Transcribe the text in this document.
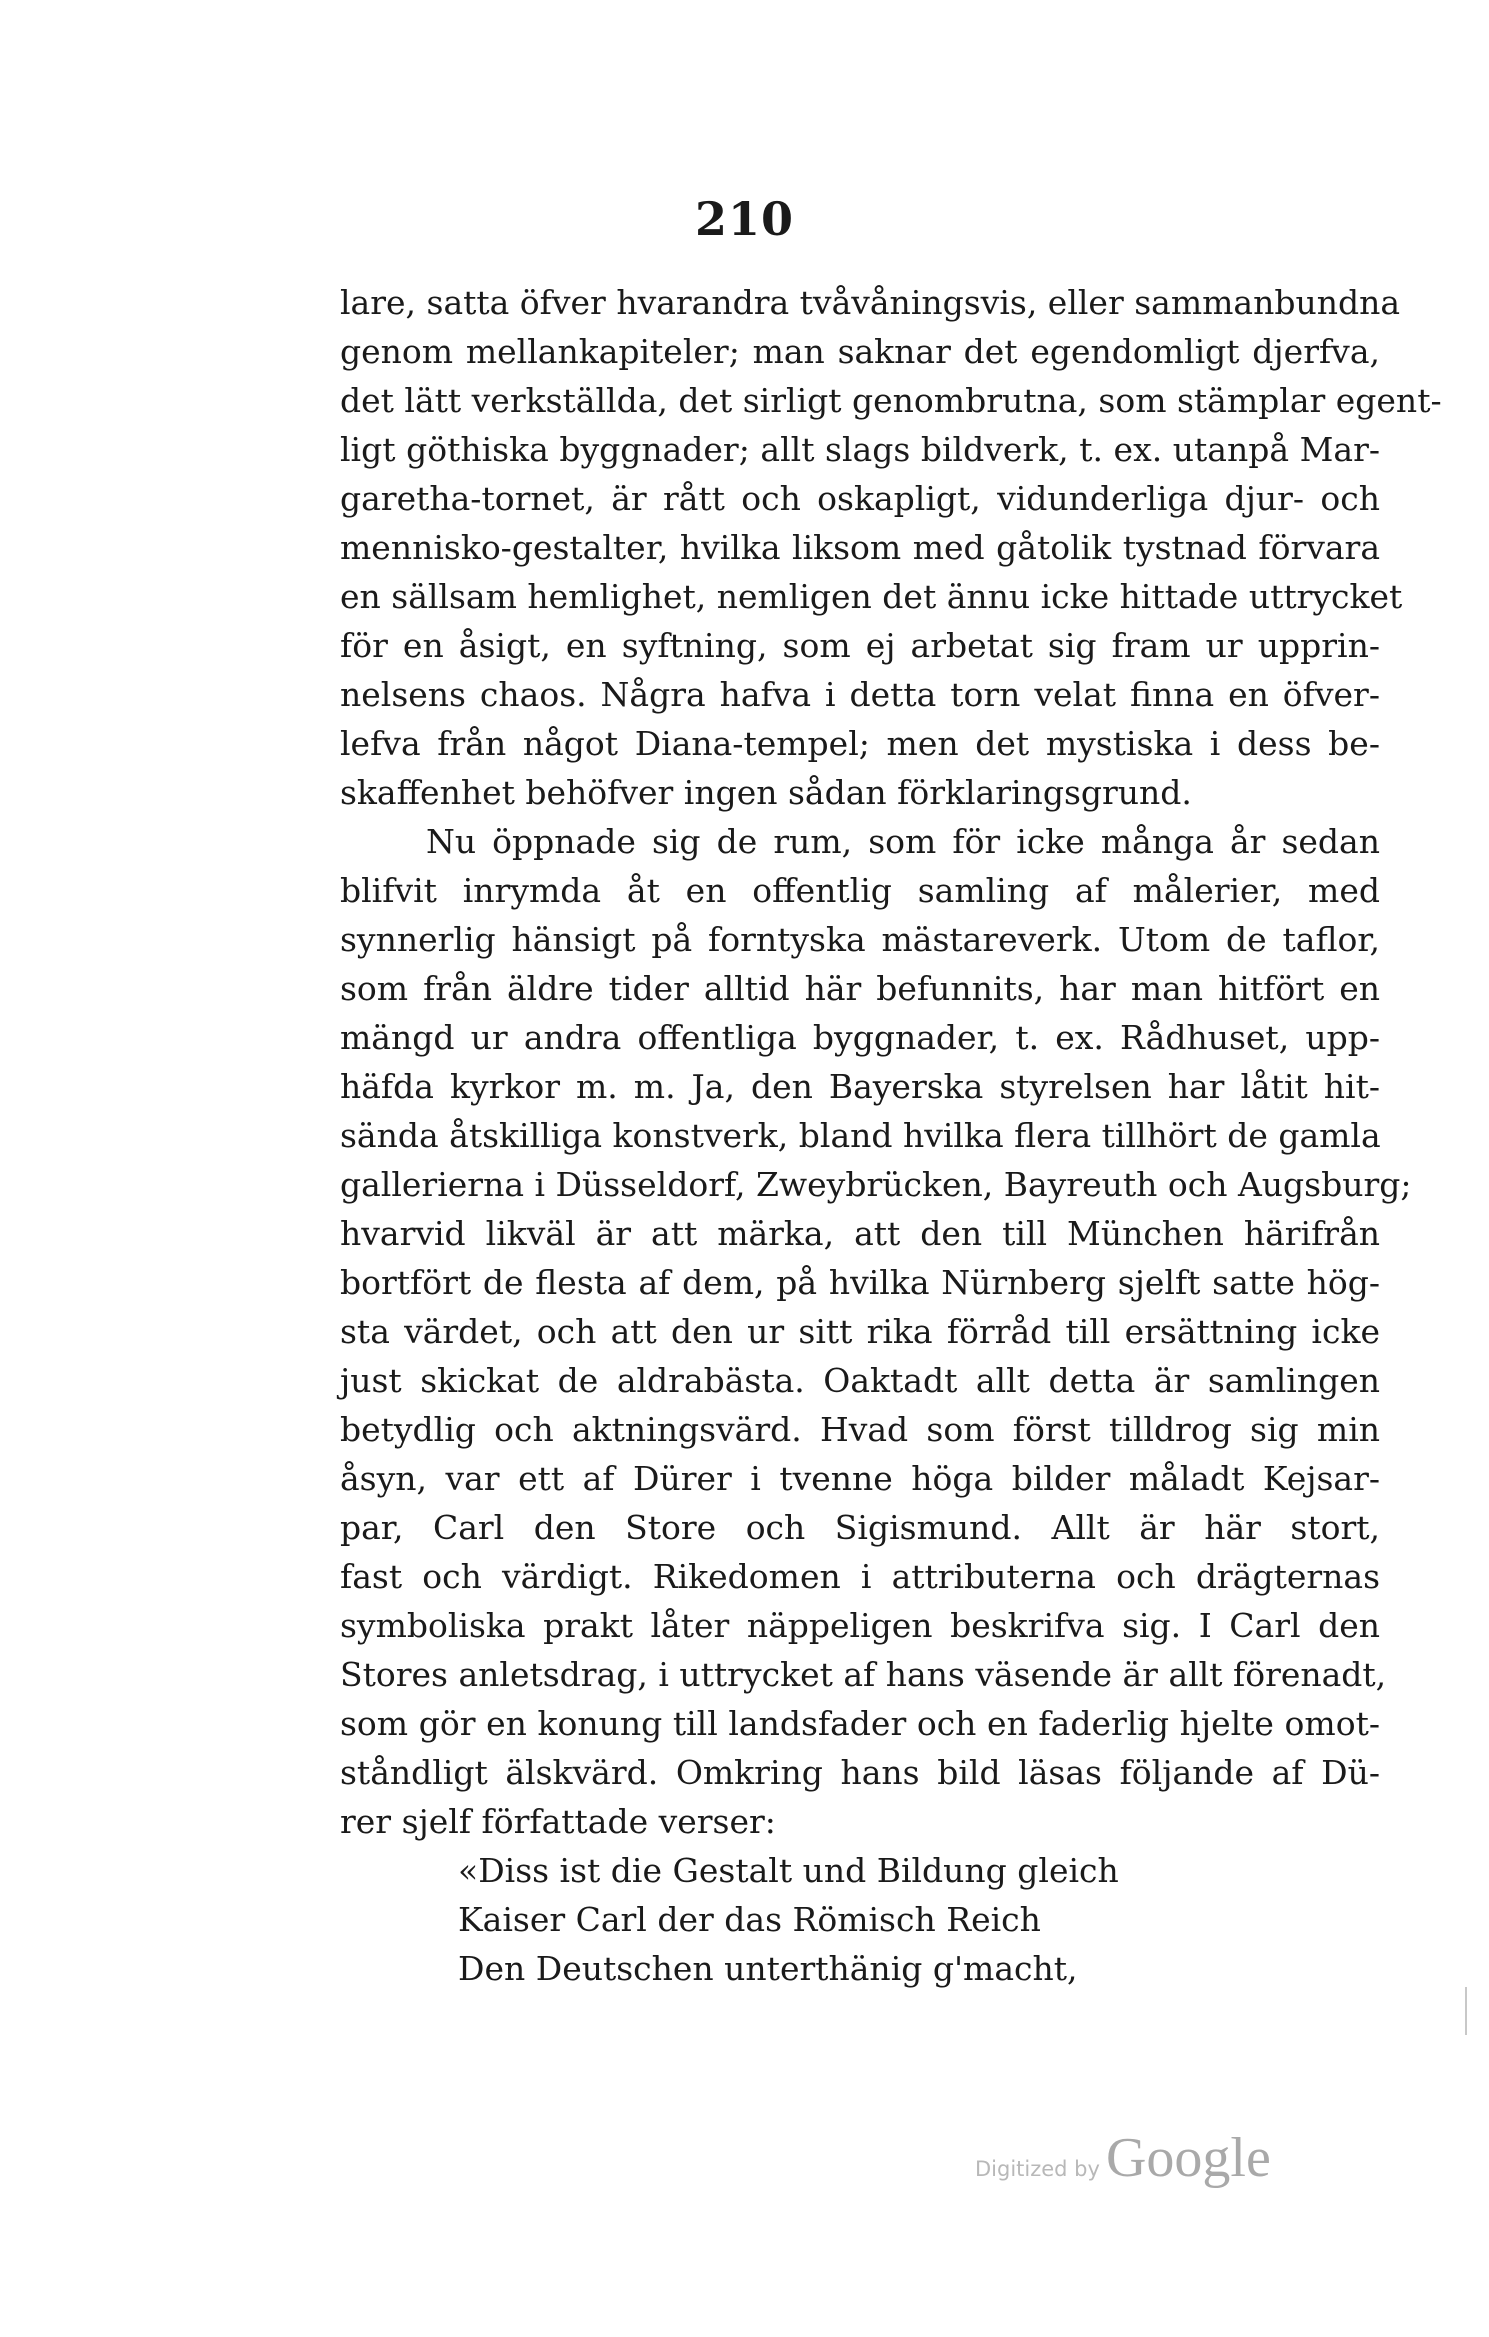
210
lare, satta öfver hvarandra tvåvåningsvis, eller sammanbundna
genom mellankapiteler; man saknar det egendomligt djerfva,
det lätt verkställda, det sirligt genombrutna, som stämplar egent-
ligt göthiska byggnader; allt slags bildverk, t. ex. utanpå Mar-
garetha-tornet, är rått och oskapligt, vidunderliga djur- och
mennisko-gestalter, hvilka liksom med gåtolik tystnad förvara
en sällsam hemlighet, nemligen det ännu icke hittade uttrycket
för en åsigt, en syftning, som ej arbetat sig fram ur upprin-
nelsens chaos. Några hafva i detta torn velat finna en öfver-
lefva från något Diana-tempel; men det mystiska i dess be-
skaffenhet behöfver ingen sådan förklaringsgrund.
Nu öppnade sig de rum, som för icke många år sedan
blifvit inrymda åt en offentlig samling af målerier, med
synnerlig hänsigt på forntyska mästareverk. Utom de taflor,
som från äldre tider alltid här befunnits, har man hitfört en
mängd ur andra offentliga byggnader, t. ex. Rådhuset, upp-
häfda kyrkor m. m. Ja, den Bayerska styrelsen har låtit hit-
sända åtskilliga konstverk, bland hvilka flera tillhört de gamla
gallerierna i Düsseldorf, Zweybrücken, Bayreuth och Augsburg;
hvarvid likväl är att märka, att den till München härifrån
bortfört de flesta af dem, på hvilka Nürnberg sjelft satte hög-
sta värdet, och att den ur sitt rika förråd till ersättning icke
just skickat de aldrabästa. Oaktadt allt detta är samlingen
betydlig och aktningsvärd. Hvad som först tilldrog sig min
åsyn, var ett af Dürer i tvenne höga bilder måladt Kejsar-
par, Carl den Store och Sigismund. Allt är här stort,
fast och värdigt. Rikedomen i attributerna och drägternas
symboliska prakt låter näppeligen beskrifva sig. I Carl den
Stores anletsdrag, i uttrycket af hans väsende är allt förenadt,
som gör en konung till landsfader och en faderlig hjelte omot-
ståndligt älskvärd. Omkring hans bild läsas följande af Dü-
rer sjelf författade verser:
«Diss ist die Gestalt und Bildung gleich
Kaiser Carl der das Römisch Reich
Den Deutschen unterthänig g'macht,
Digitized by Google
